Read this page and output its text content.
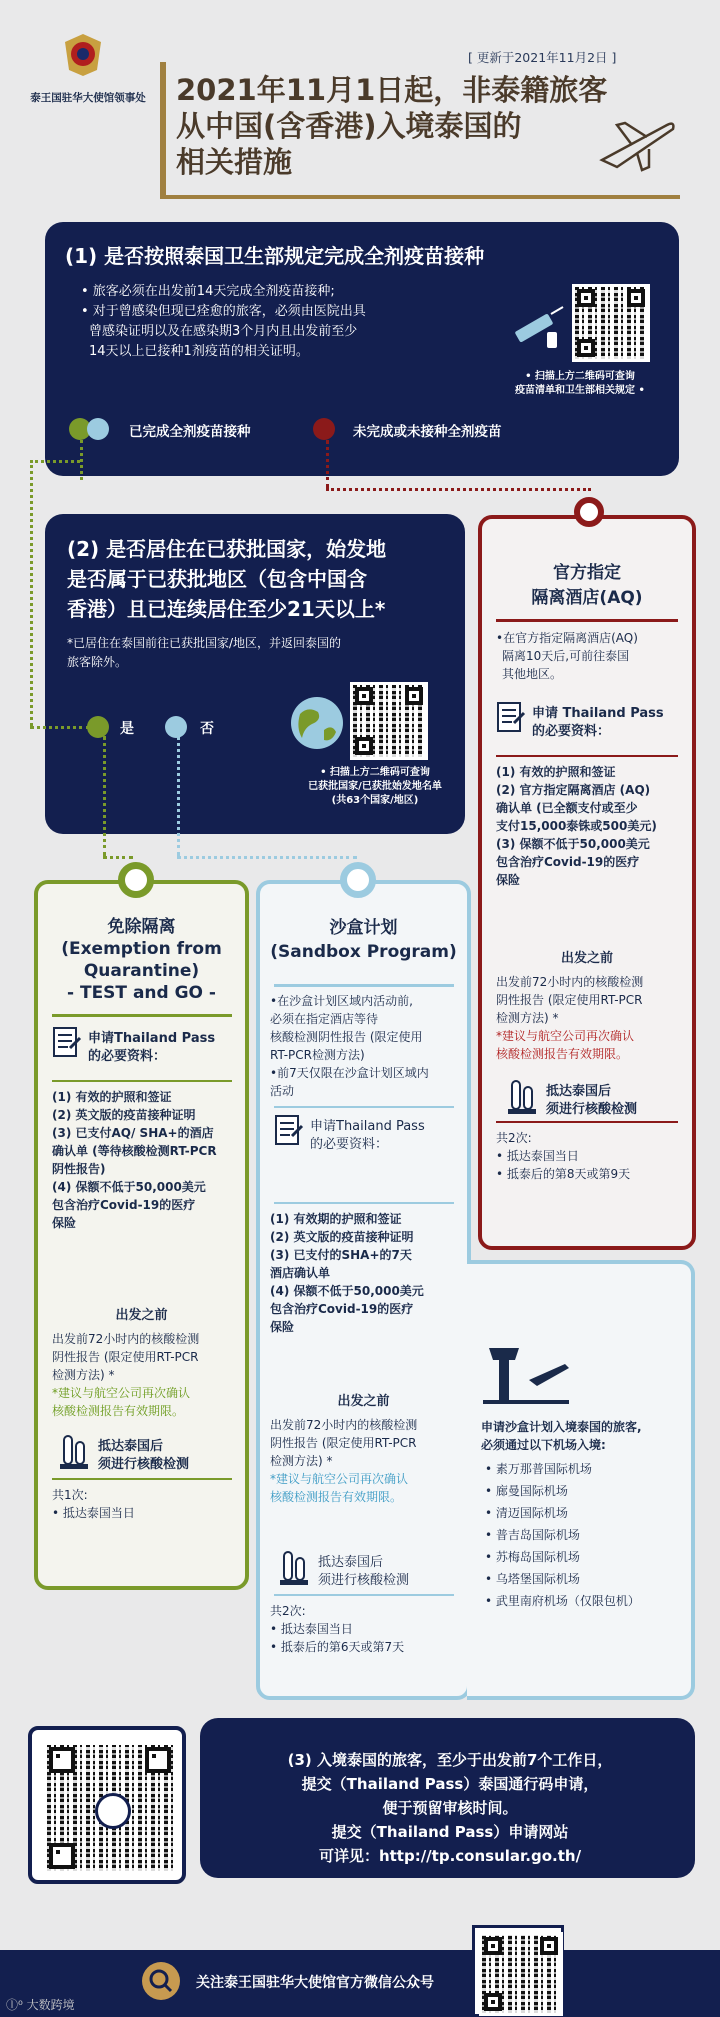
泰王国驻华大使馆领事处
[ 更新于2021年11月2日 ]
2021年11月1日起，非泰籍旅客
从中国(含香港)入境泰国的
相关措施
(1) 是否按照泰国卫生部规定完成全剂疫苗接种
• 旅客必须在出发前14天完成全剂疫苗接种;
• 对于曾感染但现已痊愈的旅客，必须由医院出具
曾感染证明以及在感染期3个月内且出发前至少
14天以上已接种1剂疫苗的相关证明。
• 扫描上方二维码可查询
疫苗清单和卫生部相关规定 •
已完成全剂疫苗接种	未完成或未接种全剂疫苗
(2) 是否居住在已获批国家，始发地
是否属于已获批地区（包含中国含
香港）且已连续居住至少21天以上*
*已居住在泰国前往已获批国家/地区，并返回泰国的
旅客除外。
是	否
• 扫描上方二维码可查询
已获批国家/已获批始发地名单
(共63个国家/地区)
官方指定
隔离酒店(AQ)
•在官方指定隔离酒店(AQ)
隔离10天后,可前往泰国
其他地区。
申请 Thailand Pass
的必要资料：
(1) 有效的护照和签证
(2) 官方指定隔离酒店 (AQ)
确认单 (已全额支付或至少
支付15,000泰铢或500美元)
(3) 保额不低于50,000美元
包含治疗Covid-19的医疗
保险
出发之前
出发前72小时内的核酸检测
阴性报告 (限定使用RT-PCR
检测方法) *
*建议与航空公司再次确认
核酸检测报告有效期限。
抵达泰国后
须进行核酸检测
共2次:
• 抵达泰国当日
• 抵泰后的第8天或第9天
免除隔离
(Exemption from
Quarantine)
- TEST and GO -
申请Thailand Pass
的必要资料：
(1) 有效的护照和签证
(2) 英文版的疫苗接种证明
(3) 已支付AQ/ SHA+的酒店
确认单 (等待核酸检测RT-PCR
阴性报告)
(4) 保额不低于50,000美元
包含治疗Covid-19的医疗
保险
出发之前
出发前72小时内的核酸检测
阴性报告 (限定使用RT-PCR
检测方法) *
*建议与航空公司再次确认
核酸检测报告有效期限。
抵达泰国后
须进行核酸检测
共1次:
• 抵达泰国当日
沙盒计划
(Sandbox Program)
•在沙盒计划区域内活动前,
必须在指定酒店等待
核酸检测阴性报告 (限定使用
RT-PCR检测方法)
•前7天仅限在沙盒计划区域内
活动
申请Thailand Pass
的必要资料：
(1) 有效期的护照和签证
(2) 英文版的疫苗接种证明
(3) 已支付的SHA+的7天
酒店确认单
(4) 保额不低于50,000美元
包含治疗Covid-19的医疗
保险
出发之前
出发前72小时内的核酸检测
阴性报告 (限定使用RT-PCR
检测方法) *
*建议与航空公司再次确认
核酸检测报告有效期限。
抵达泰国后
须进行核酸检测
共2次:
• 抵达泰国当日
• 抵泰后的第6天或第7天
申请沙盒计划入境泰国的旅客,
必须通过以下机场入境:
• 素万那普国际机场
• 廊曼国际机场
• 清迈国际机场
• 普吉岛国际机场
• 苏梅岛国际机场
• 乌塔堡国际机场
• 武里南府机场（仅限包机）
(3) 入境泰国的旅客，至少于出发前7个工作日，
提交（Thailand Pass）泰国通行码申请，
便于预留审核时间。
提交（Thailand Pass）申请网站
可详见：http://tp.consular.go.th/
关注泰王国驻华大使馆官方微信公众号
ⓛ⁰ 大数跨境
